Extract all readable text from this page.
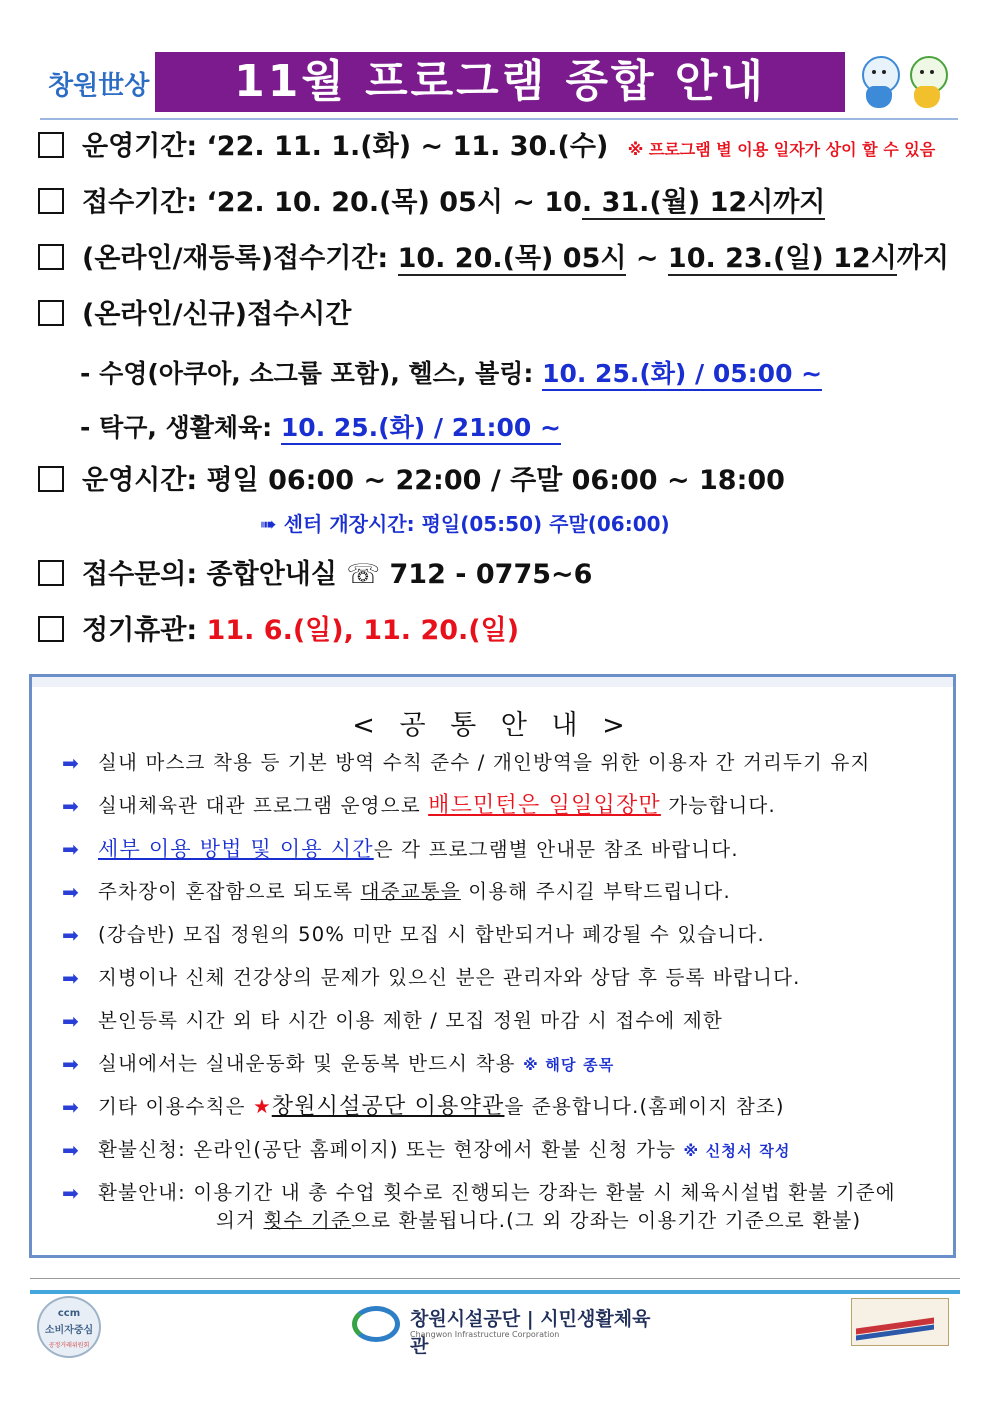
창원世상	11월 프로그램 종합 안내
운영기간: ‘22. 11. 1.(화) ~ 11. 30.(수) ※ 프로그램 별 이용 일자가 상이 할 수 있음
접수기간: ‘22. 10. 20.(목) 05시 ~ 10. 31.(월) 12시까지
(온라인/재등록)접수기간: 10. 20.(목) 05시 ~ 10. 23.(일) 12시까지
(온라인/신규)접수시간
- 수영(아쿠아, 소그룹 포함), 헬스, 볼링: 10. 25.(화) / 05:00 ~
- 탁구, 생활체육: 10. 25.(화) / 21:00 ~
운영시간: 평일 06:00 ~ 22:00 / 주말 06:00 ~ 18:00
➠ 센터 개장시간: 평일(05:50) 주말(06:00)
접수문의: 종합안내실 ☏ 712 - 0775~6
정기휴관: 11. 6.(일), 11. 20.(일)
< 공 통 안 내 >
➡ 실내 마스크 착용 등 기본 방역 수칙 준수 / 개인방역을 위한 이용자 간 거리두기 유지
➡ 실내체육관 대관 프로그램 운영으로 배드민턴은 일일입장만 가능합니다.
➡ 세부 이용 방법 및 이용 시간은 각 프로그램별 안내문 참조 바랍니다.
➡ 주차장이 혼잡함으로 되도록 대중교통을 이용해 주시길 부탁드립니다.
➡ (강습반) 모집 정원의 50% 미만 모집 시 합반되거나 폐강될 수 있습니다.
➡ 지병이나 신체 건강상의 문제가 있으신 분은 관리자와 상담 후 등록 바랍니다.
➡ 본인등록 시간 외 타 시간 이용 제한 / 모집 정원 마감 시 접수에 제한
➡ 실내에서는 실내운동화 및 운동복 반드시 착용 ※ 해당 종목
➡ 기타 이용수칙은 ★창원시설공단 이용약관을 준용합니다.(홈페이지 참조)
➡ 환불신청: 온라인(공단 홈페이지) 또는 현장에서 환불 신청 가능 ※ 신청서 작성
➡ 환불안내: 이용기간 내 총 수업 횟수로 진행되는 강좌는 환불 시 체육시설법 환불 기준에
의거 횟수 기준으로 환불됩니다.(그 외 강좌는 이용기간 기준으로 환불)
ccm
소비자중심
공정거래위원회
창원시설공단 | 시민생활체육관
Changwon Infrastructure Corporation
